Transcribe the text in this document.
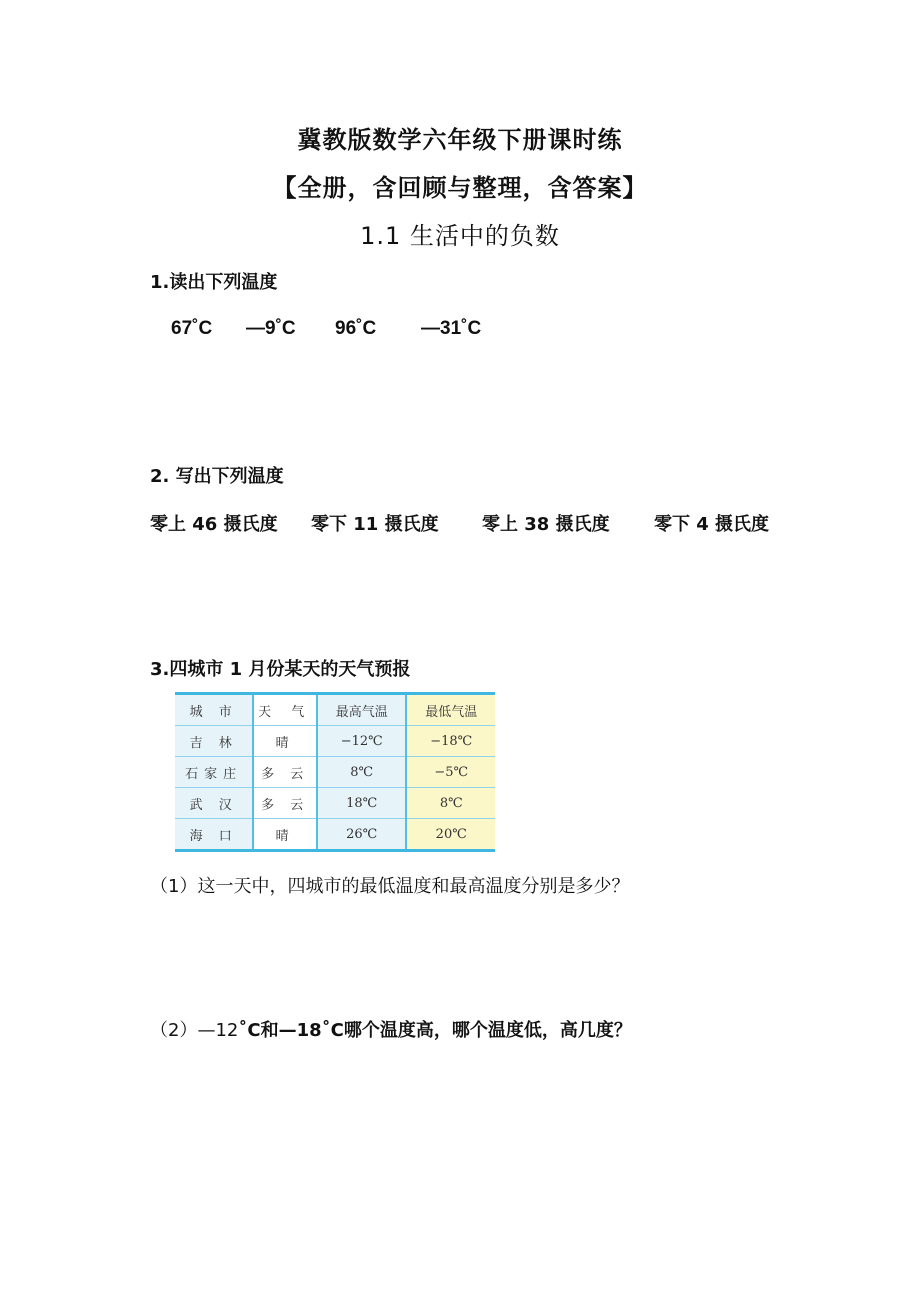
冀教版数学六年级下册课时练
【全册，含回顾与整理，含答案】
1.1 生活中的负数
1.读出下列温度
67˚C —9˚C 96˚C —31˚C
2. 写出下列温度
零上 46 摄氏度 零下 11 摄氏度 零上 38 摄氏度 零下 4 摄氏度
3.四城市 1 月份某天的天气预报
城 市	天 气	最高气温	最低气温
吉 林	晴	−12℃	−18℃
石家庄	多 云	8℃	−5℃
武 汉	多 云	18℃	8℃
海 口	晴	26℃	20℃
（1）这一天中，四城市的最低温度和最高温度分别是多少？
（2）—12˚C和—18˚C哪个温度高，哪个温度低，高几度？
